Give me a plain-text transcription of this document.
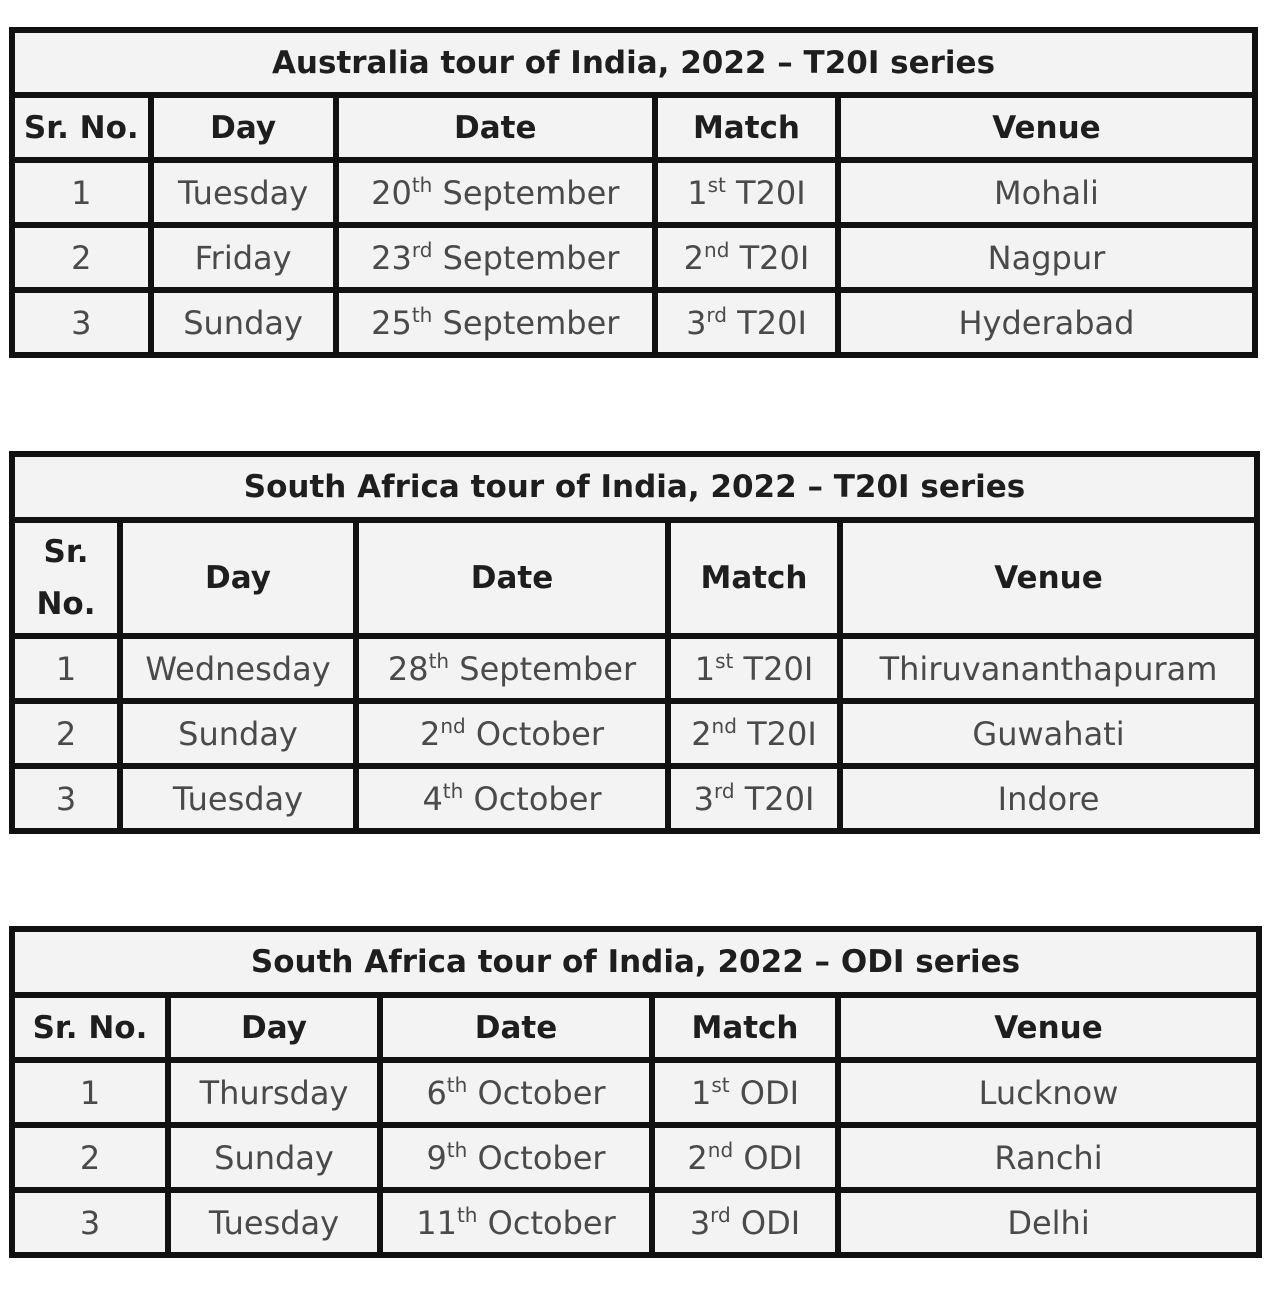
Australia tour of India, 2022 – T20I series				
Sr. No.	Day	Date	Match	Venue
1	Tuesday	20th September	1st T20I	Mohali
2	Friday	23rd September	2nd T20I	Nagpur
3	Sunday	25th September	3rd T20I	Hyderabad
South Africa tour of India, 2022 – T20I series				
Sr.
No.	Day	Date	Match	Venue
1	Wednesday	28th September	1st T20I	Thiruvananthapuram
2	Sunday	2nd October	2nd T20I	Guwahati
3	Tuesday	4th October	3rd T20I	Indore
South Africa tour of India, 2022 – ODI series				
Sr. No.	Day	Date	Match	Venue
1	Thursday	6th October	1st ODI	Lucknow
2	Sunday	9th October	2nd ODI	Ranchi
3	Tuesday	11th October	3rd ODI	Delhi
